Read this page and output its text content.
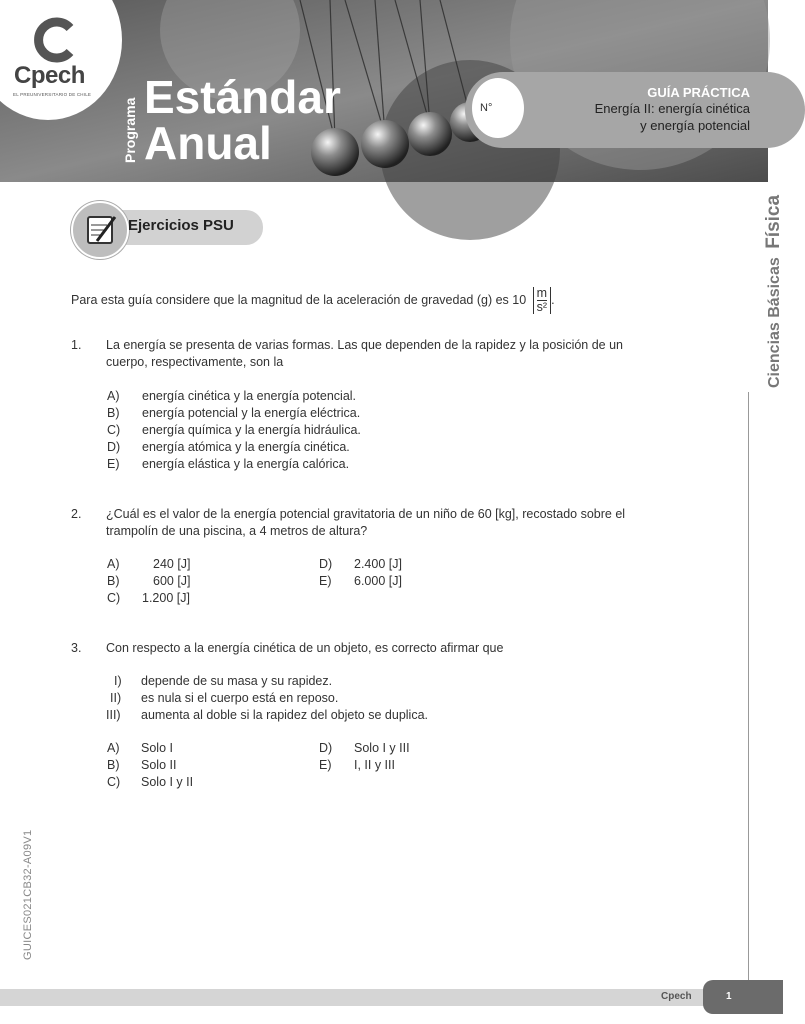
Cpech
EL PREUNIVERSITARIO DE CHILE
Programa
Estándar
Anual
N°
GUÍA PRÁCTICA
Energía II: energía cinética
y energía potencial
Ciencias Básicas Física
GUICES021CB32-A09V1
Ejercicios PSU
Para esta guía considere que la magnitud de la aceleración de gravedad (g) es $10 \frac{m}{\text{s²}}$ .
1. La energía se presenta de varias formas. Las que dependen de la rapidez y la posición de un
cuerpo, respectivamente, son la
A) energía cinética y la energía potencial.
B) energía potencial y la energía eléctrica.
C) energía química y la energía hidráulica.
D) energía atómica y la energía cinética.
E) energía elástica y la energía calórica.
2. ¿Cuál es el valor de la energía potencial gravitatoria de un niño de 60 [kg], recostado sobre el
trampolín de una piscina, a 4 metros de altura?
A)	240 [J]
B)	600 [J]
C) 1.200 [J]
D) 2.400 [J]
E) 6.000 [J]
3. Con respecto a la energía cinética de un objeto, es correcto afirmar que
I) depende de su masa y su rapidez.
II) es nula si el cuerpo está en reposo.
III) aumenta al doble si la rapidez del objeto se duplica.
A) Solo I
B) Solo II
C) Solo I y II
D) Solo I y III
E) I, II y III
Cpech	1
